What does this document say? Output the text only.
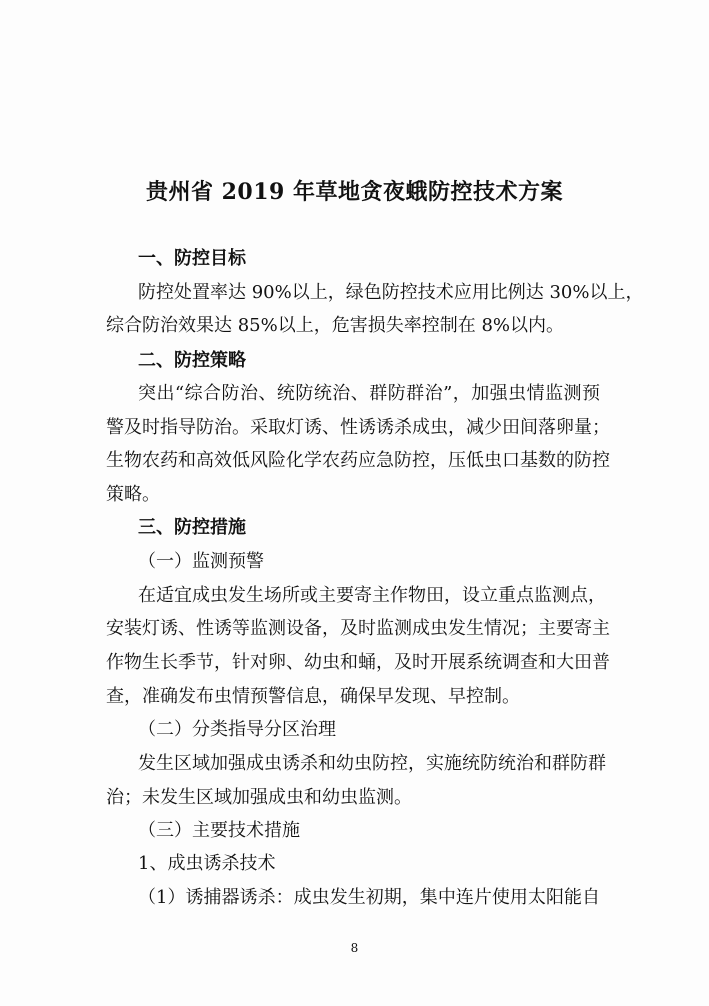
贵州省 2019 年草地贪夜蛾防控技术方案
一、防控目标
防控处置率达 90%以上，绿色防控技术应用比例达 30%以上，
综合防治效果达 85%以上，危害损失率控制在 8%以内。
二、防控策略
突出“综合防治、统防统治、群防群治”，加强虫情监测预
警及时指导防治。采取灯诱、性诱诱杀成虫，减少田间落卵量；
生物农药和高效低风险化学农药应急防控，压低虫口基数的防控
策略。
三、防控措施
（一）监测预警
在适宜成虫发生场所或主要寄主作物田，设立重点监测点，
安装灯诱、性诱等监测设备，及时监测成虫发生情况；主要寄主
作物生长季节，针对卵、幼虫和蛹，及时开展系统调查和大田普
查，准确发布虫情预警信息，确保早发现、早控制。
（二）分类指导分区治理
发生区域加强成虫诱杀和幼虫防控，实施统防统治和群防群
治；未发生区域加强成虫和幼虫监测。
（三）主要技术措施
1、成虫诱杀技术
（1）诱捕器诱杀：成虫发生初期，集中连片使用太阳能自
8
